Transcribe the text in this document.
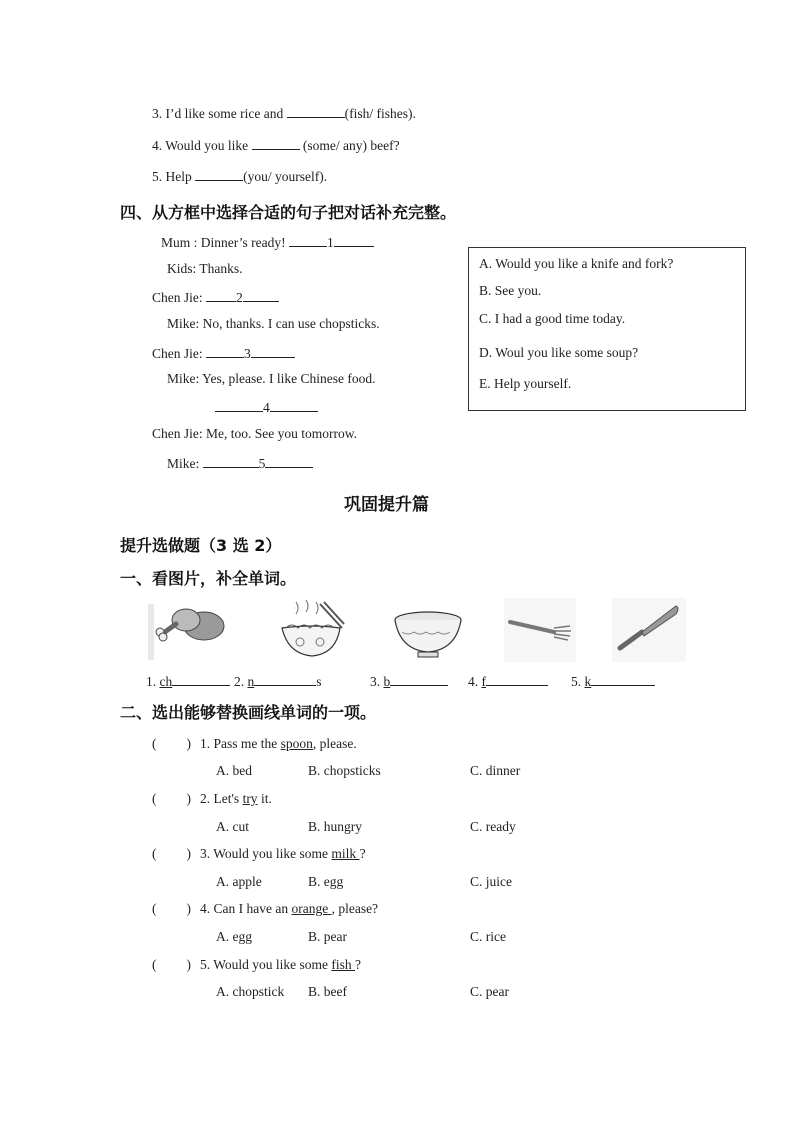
3. I’d like some rice and	(fish/ fishes).
4. Would you like	(some/ any) beef?
5. Help	(you/ yourself).
四、从方框中选择合适的句子把对话补充完整。
Mum : Dinner’s ready!	1
Kids: Thanks.
Chen Jie: 2
Mike: No, thanks. I can use chopsticks.
Chen Jie:	3
Mike: Yes, please. I like Chinese food.
4
Chen Jie: Me, too. See you tomorrow.
Mike:	5
A. Would you like a knife and fork?
B. See you.
C. I had a good time today.
D. Woul you like some soup?
E. Help yourself.
巩固提升篇
提升选做题（3 选 2）
一、看图片，补全单词。
1. ch	2. n	s	3. b	4. f	5. k
二、选出能够替换画线单词的一项。
( ) 1. Pass me the spoon, please.
A. bed	B. chopsticks	C. dinner
( ) 2. Let's try it.
A. cut	B. hungry	C. ready
( ) 3. Would you like some milk ?
A. apple	B. egg	C. juice
( ) 4. Can I have an orange , please?
A. egg	B. pear	C. rice
( ) 5. Would you like some fish ?
A. chopstick B. beef	C. pear
